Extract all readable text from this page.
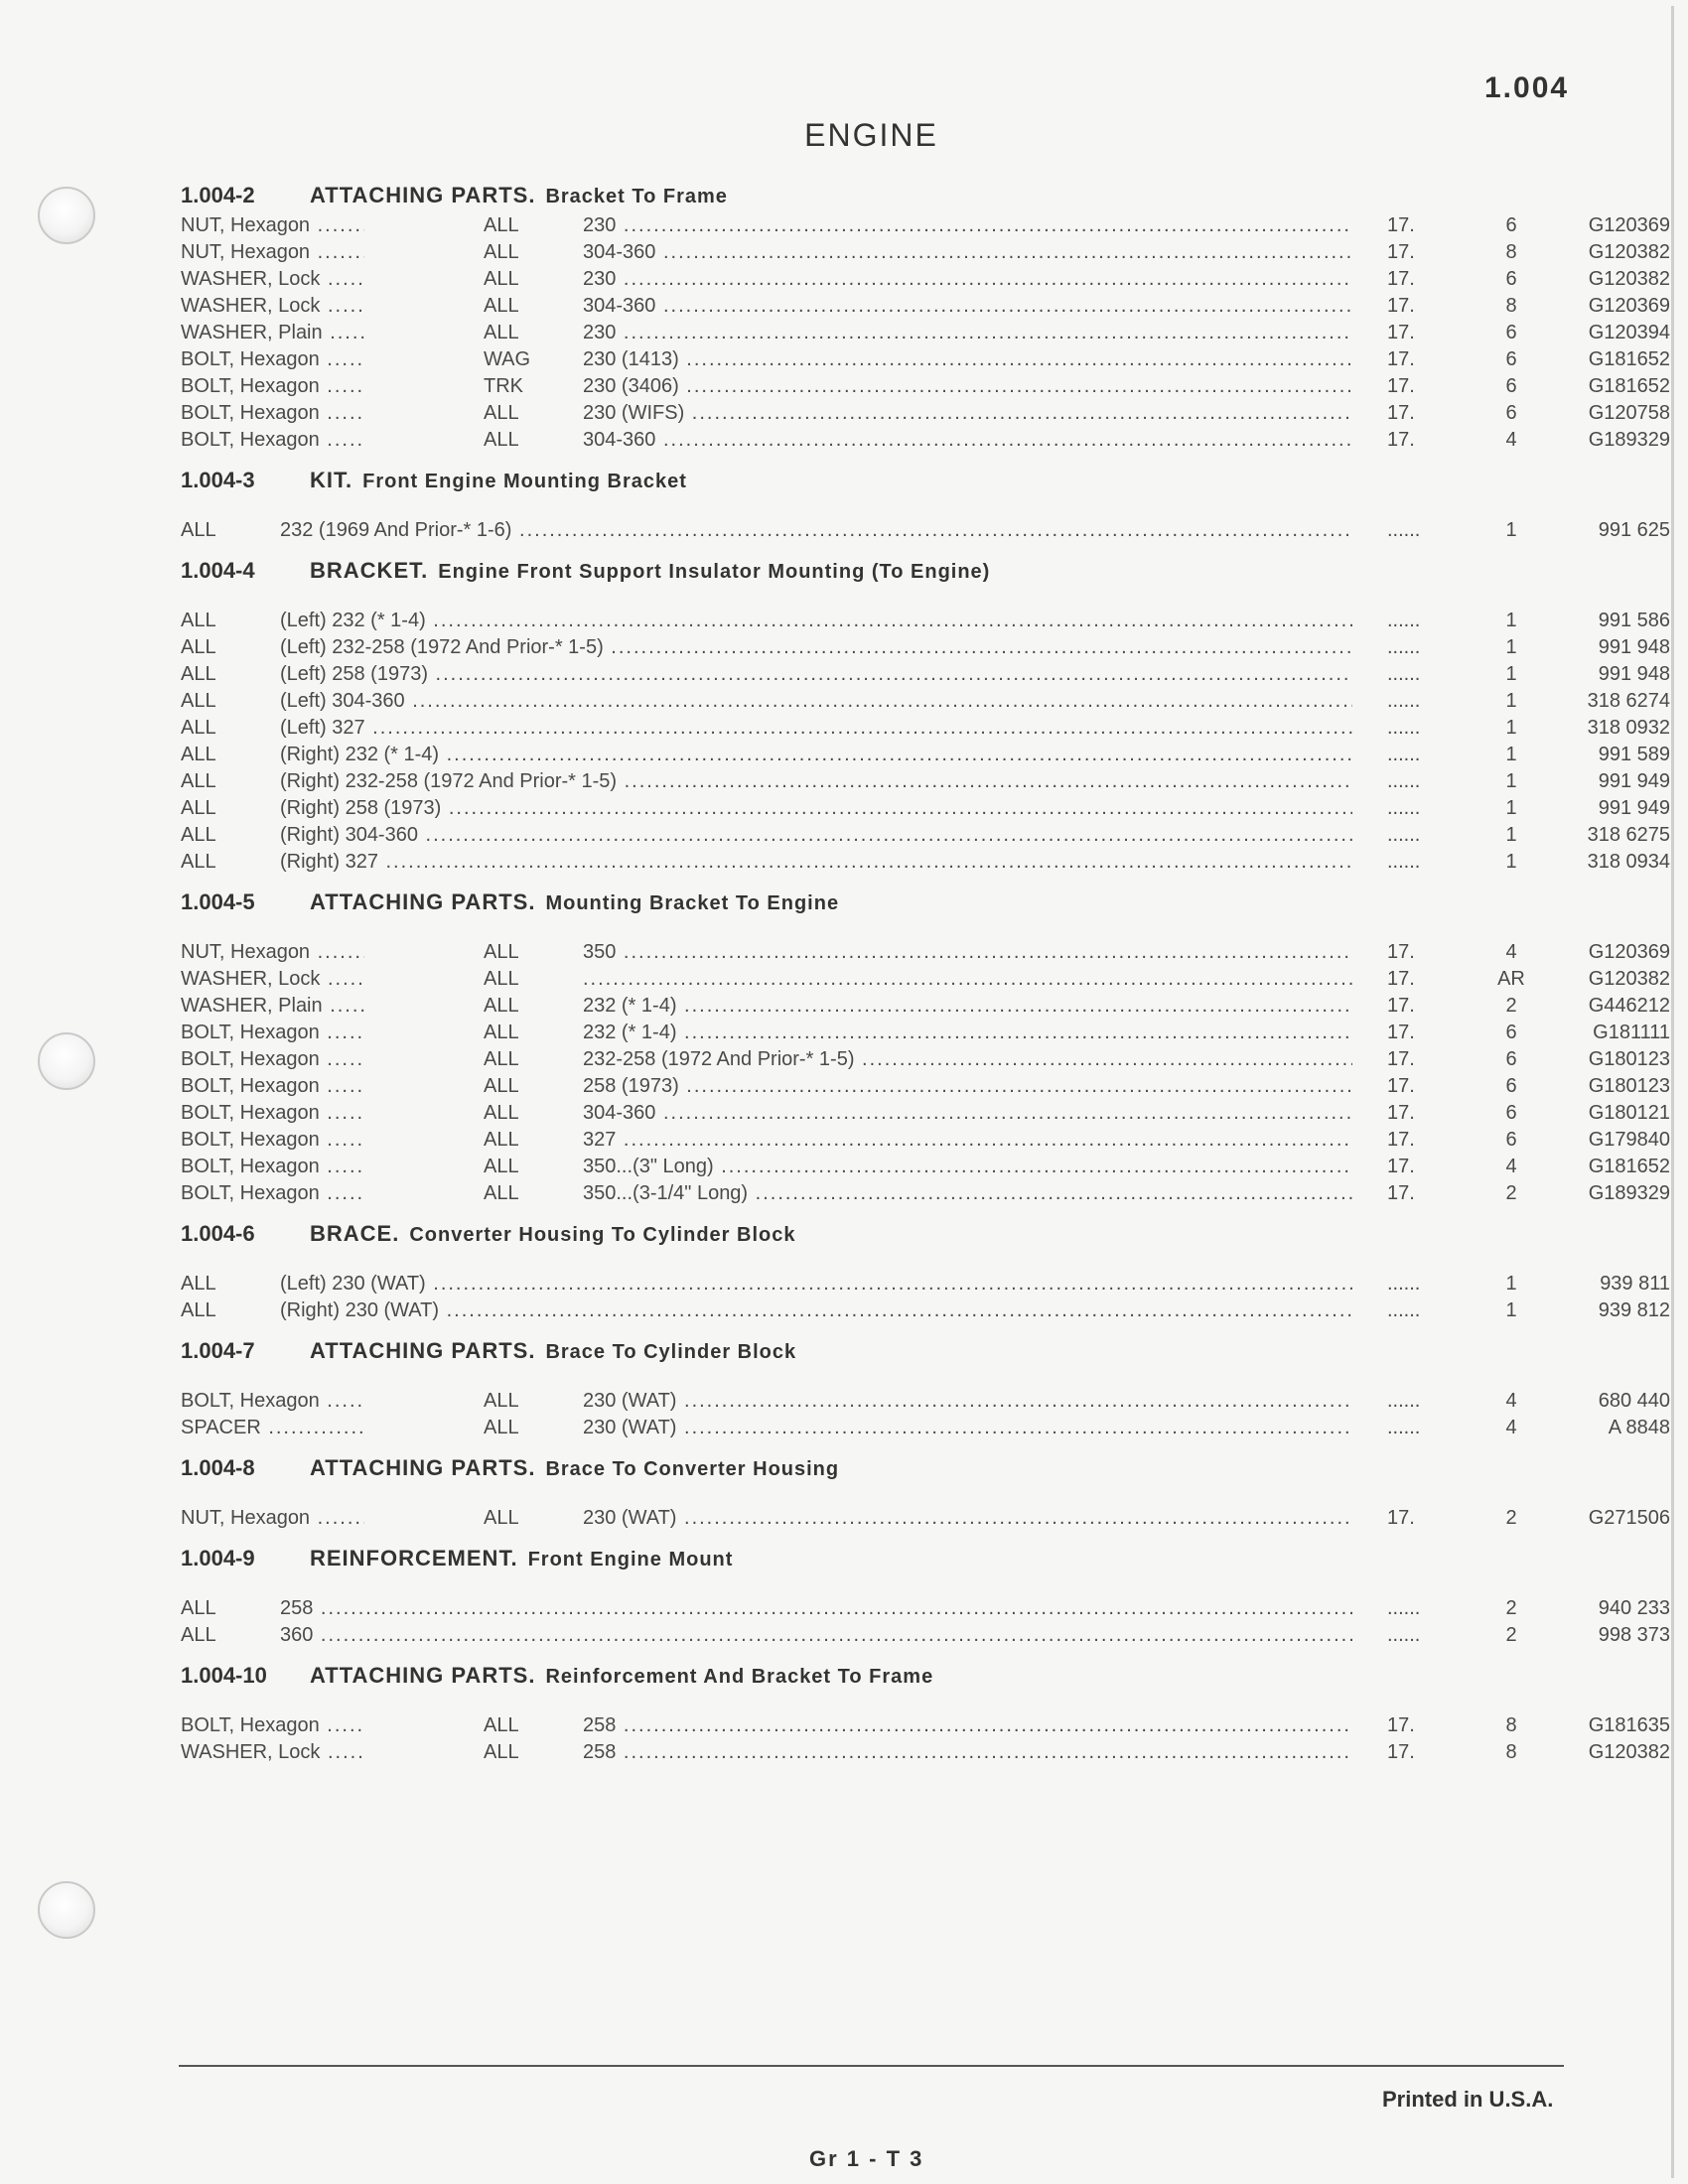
1.004
ENGINE
1.004-2	ATTACHING PARTS. Bracket To Frame
NUT, Hexagon .....	ALL	230 .....	17.	6	G120369
NUT, Hexagon .....	ALL	304-360 .....	17.	8	G120382
WASHER, Lock .....	ALL	230 .....	17.	6	G120382
WASHER, Lock .....	ALL	304-360 .....	17.	8	G120369
WASHER, Plain .....	ALL	230 .....	17.	6	G120394
BOLT, Hexagon .....	WAG	230 (1413) .....	17.	6	G181652
BOLT, Hexagon .....	TRK	230 (3406) .....	17.	6	G181652
BOLT, Hexagon .....	ALL	230 (WIFS) .....	17.	6	G120758
BOLT, Hexagon .....	ALL	304-360 .....	17.	4	G189329
1.004-3	KIT. Front Engine Mounting Bracket
ALL	232 (1969 And Prior-* 1-6) .....	......	1	991 625
1.004-4	BRACKET. Engine Front Support Insulator Mounting (To Engine)
ALL	(Left) 232 (* 1-4) .....	......	1	991 586
ALL	(Left) 232-258 (1972 And Prior-* 1-5) .....	......	1	991 948
ALL	(Left) 258 (1973) .....	......	1	991 948
ALL	(Left) 304-360 .....	......	1	318 6274
ALL	(Left) 327 .....	......	1	318 0932
ALL	(Right) 232 (* 1-4) .....	......	1	991 589
ALL	(Right) 232-258 (1972 And Prior-* 1-5) .....	......	1	991 949
ALL	(Right) 258 (1973) .....	......	1	991 949
ALL	(Right) 304-360 .....	......	1	318 6275
ALL	(Right) 327 .....	......	1	318 0934
1.004-5	ATTACHING PARTS. Mounting Bracket To Engine
NUT, Hexagon .....	ALL	350 .....	17.	4	G120369
WASHER, Lock .....	ALL
.....	17.	AR	G120382
WASHER, Plain .....	ALL	232 (* 1-4) .....	17.	2	G446212
BOLT, Hexagon .....	ALL	232 (* 1-4) .....	17.	6	G181111
BOLT, Hexagon .....	ALL	232-258 (1972 And Prior-* 1-5) .....	17.	6	G180123
BOLT, Hexagon .....	ALL	258 (1973) .....	17.	6	G180123
BOLT, Hexagon .....	ALL	304-360 .....	17.	6	G180121
BOLT, Hexagon .....	ALL	327 .....	17.	6	G179840
BOLT, Hexagon .....	ALL	350...(3" Long) .....	17.	4	G181652
BOLT, Hexagon .....	ALL	350...(3-1/4" Long) .....	17.	2	G189329
1.004-6	BRACE. Converter Housing To Cylinder Block
ALL	(Left) 230 (WAT) .....	......	1	939 811
ALL	(Right) 230 (WAT) .....	......	1	939 812
1.004-7	ATTACHING PARTS. Brace To Cylinder Block
BOLT, Hexagon .....	ALL	230 (WAT) .....	......	4	680 440
SPACER .....	ALL	230 (WAT) .....	......	4	A 8848
1.004-8	ATTACHING PARTS. Brace To Converter Housing
NUT, Hexagon .....	ALL	230 (WAT) .....	17.	2	G271506
1.004-9	REINFORCEMENT. Front Engine Mount
ALL	258 .....	......	2	940 233
ALL	360 .....	......	2	998 373
1.004-10 ATTACHING PARTS. Reinforcement And Bracket To Frame
BOLT, Hexagon .....	ALL	258 .....	17.	8	G181635
WASHER, Lock .....	ALL	258 .....	17.	8	G120382
Printed in U.S.A.
Gr 1 - T 3
